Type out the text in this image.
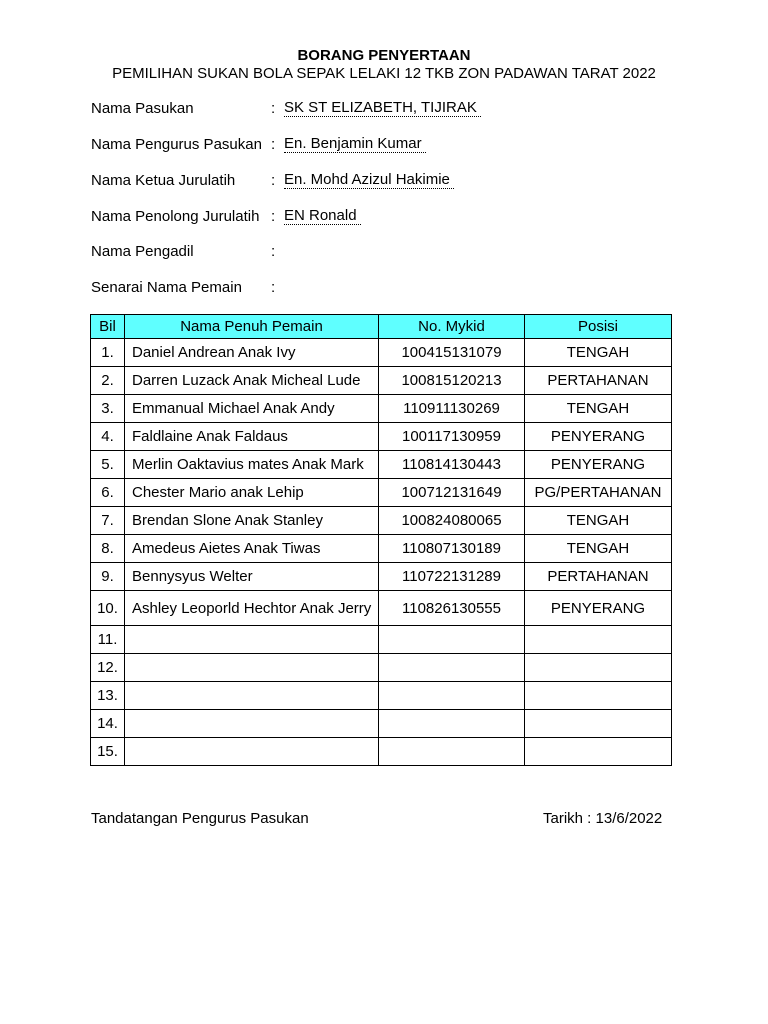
BORANG PENYERTAAN
PEMILIHAN SUKAN BOLA SEPAK LELAKI 12 TKB ZON PADAWAN TARAT 2022
Nama Pasukan	: SK ST ELIZABETH, TIJIRAK
Nama Pengurus Pasukan : En. Benjamin Kumar
Nama Ketua Jurulatih : En. Mohd Azizul Hakimie
Nama Penolong Jurulatih : EN Ronald
Nama Pengadil	:
Senarai Nama Pemain :
Bil	Nama Penuh Pemain	No. Mykid	Posisi
1.	Daniel Andrean Anak Ivy	100415131079	TENGAH
2.	Darren Luzack Anak Micheal Lude	100815120213	PERTAHANAN
3.	Emmanual Michael Anak Andy	110911130269	TENGAH
4.	Faldlaine Anak Faldaus	100117130959	PENYERANG
5.	Merlin Oaktavius mates Anak Mark	110814130443	PENYERANG
6.	Chester Mario anak Lehip	100712131649	PG/PERTAHANAN
7.	Brendan Slone Anak Stanley	100824080065	TENGAH
8.	Amedeus Aietes Anak Tiwas	110807130189	TENGAH
9.	Bennysyus Welter	110722131289	PERTAHANAN
10.	Ashley Leoporld Hechtor Anak Jerry	110826130555	PENYERANG
11.			
12.			
13.			
14.			
15.			
Tandatangan Pengurus Pasukan	Tarikh : 13/6/2022
